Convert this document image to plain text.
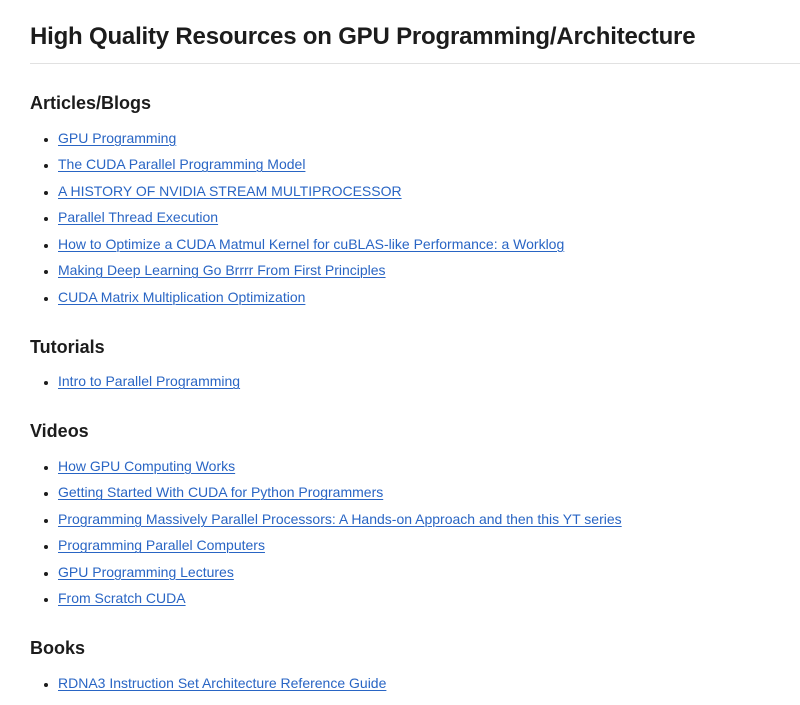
High Quality Resources on GPU Programming/Architecture
Articles/Blogs
• GPU Programming
• The CUDA Parallel Programming Model
• A HISTORY OF NVIDIA STREAM MULTIPROCESSOR
• Parallel Thread Execution
• How to Optimize a CUDA Matmul Kernel for cuBLAS-like Performance: a Worklog
• Making Deep Learning Go Brrrr From First Principles
• CUDA Matrix Multiplication Optimization
Tutorials
• Intro to Parallel Programming
Videos
• How GPU Computing Works
• Getting Started With CUDA for Python Programmers
• Programming Massively Parallel Processors: A Hands-on Approach and then this YT series
• Programming Parallel Computers
• GPU Programming Lectures
• From Scratch CUDA
Books
• RDNA3 Instruction Set Architecture Reference Guide
